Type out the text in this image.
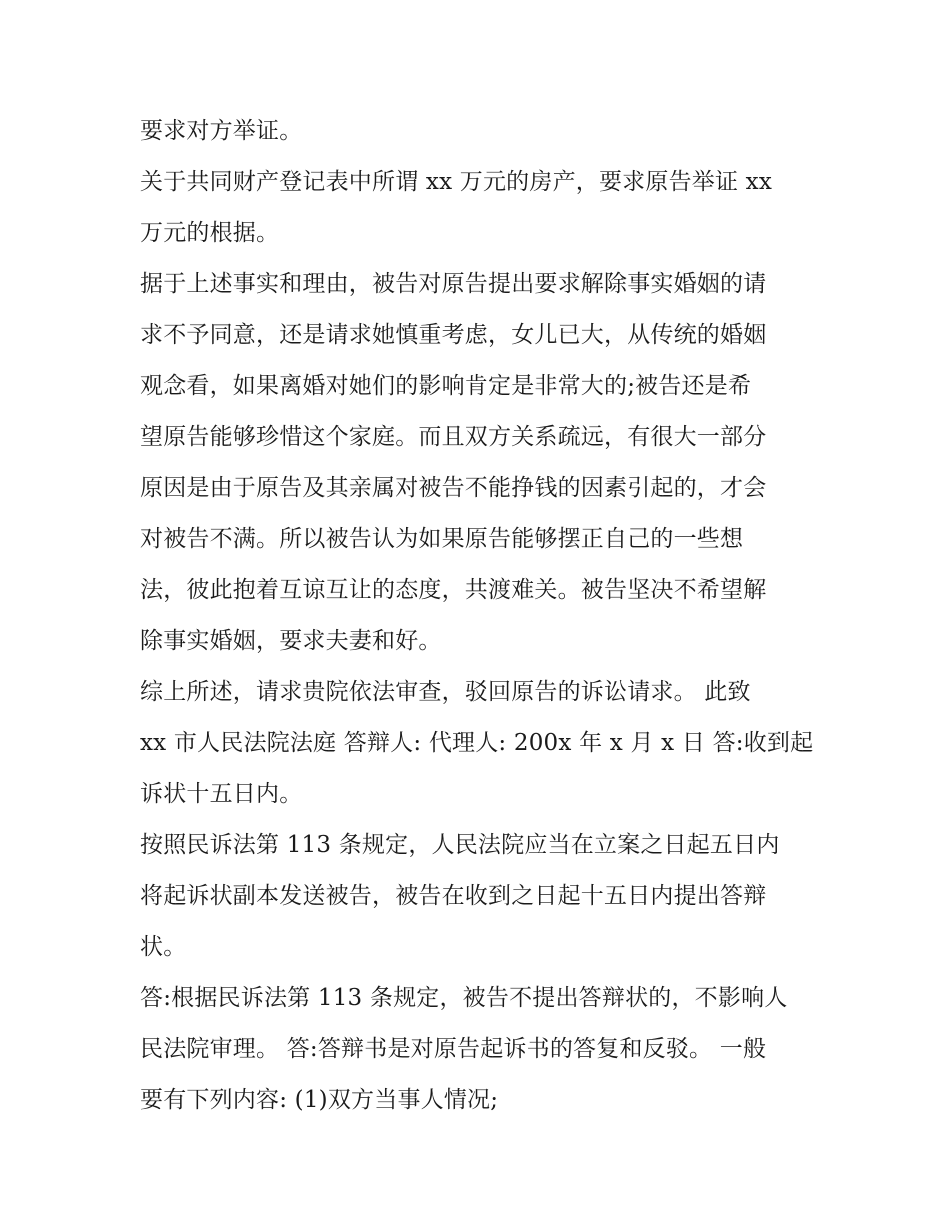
要求对方举证。
关于共同财产登记表中所谓 xx 万元的房产，要求原告举证 xx
万元的根据。
据于上述事实和理由，被告对原告提出要求解除事实婚姻的请
求不予同意，还是请求她慎重考虑，女儿已大，从传统的婚姻
观念看，如果离婚对她们的影响肯定是非常大的;被告还是希
望原告能够珍惜这个家庭。而且双方关系疏远，有很大一部分
原因是由于原告及其亲属对被告不能挣钱的因素引起的，才会
对被告不满。所以被告认为如果原告能够摆正自己的一些想
法，彼此抱着互谅互让的态度，共渡难关。被告坚决不希望解
除事实婚姻，要求夫妻和好。
综上所述，请求贵院依法审查，驳回原告的诉讼请求。 此致
xx 市人民法院法庭 答辩人: 代理人: 200x 年 x 月 x 日 答:收到起
诉状十五日内。
按照民诉法第 113 条规定，人民法院应当在立案之日起五日内
将起诉状副本发送被告，被告在收到之日起十五日内提出答辩
状。
答:根据民诉法第 113 条规定，被告不提出答辩状的，不影响人
民法院审理。 答:答辩书是对原告起诉书的答复和反驳。 一般
要有下列内容: (1)双方当事人情况;
